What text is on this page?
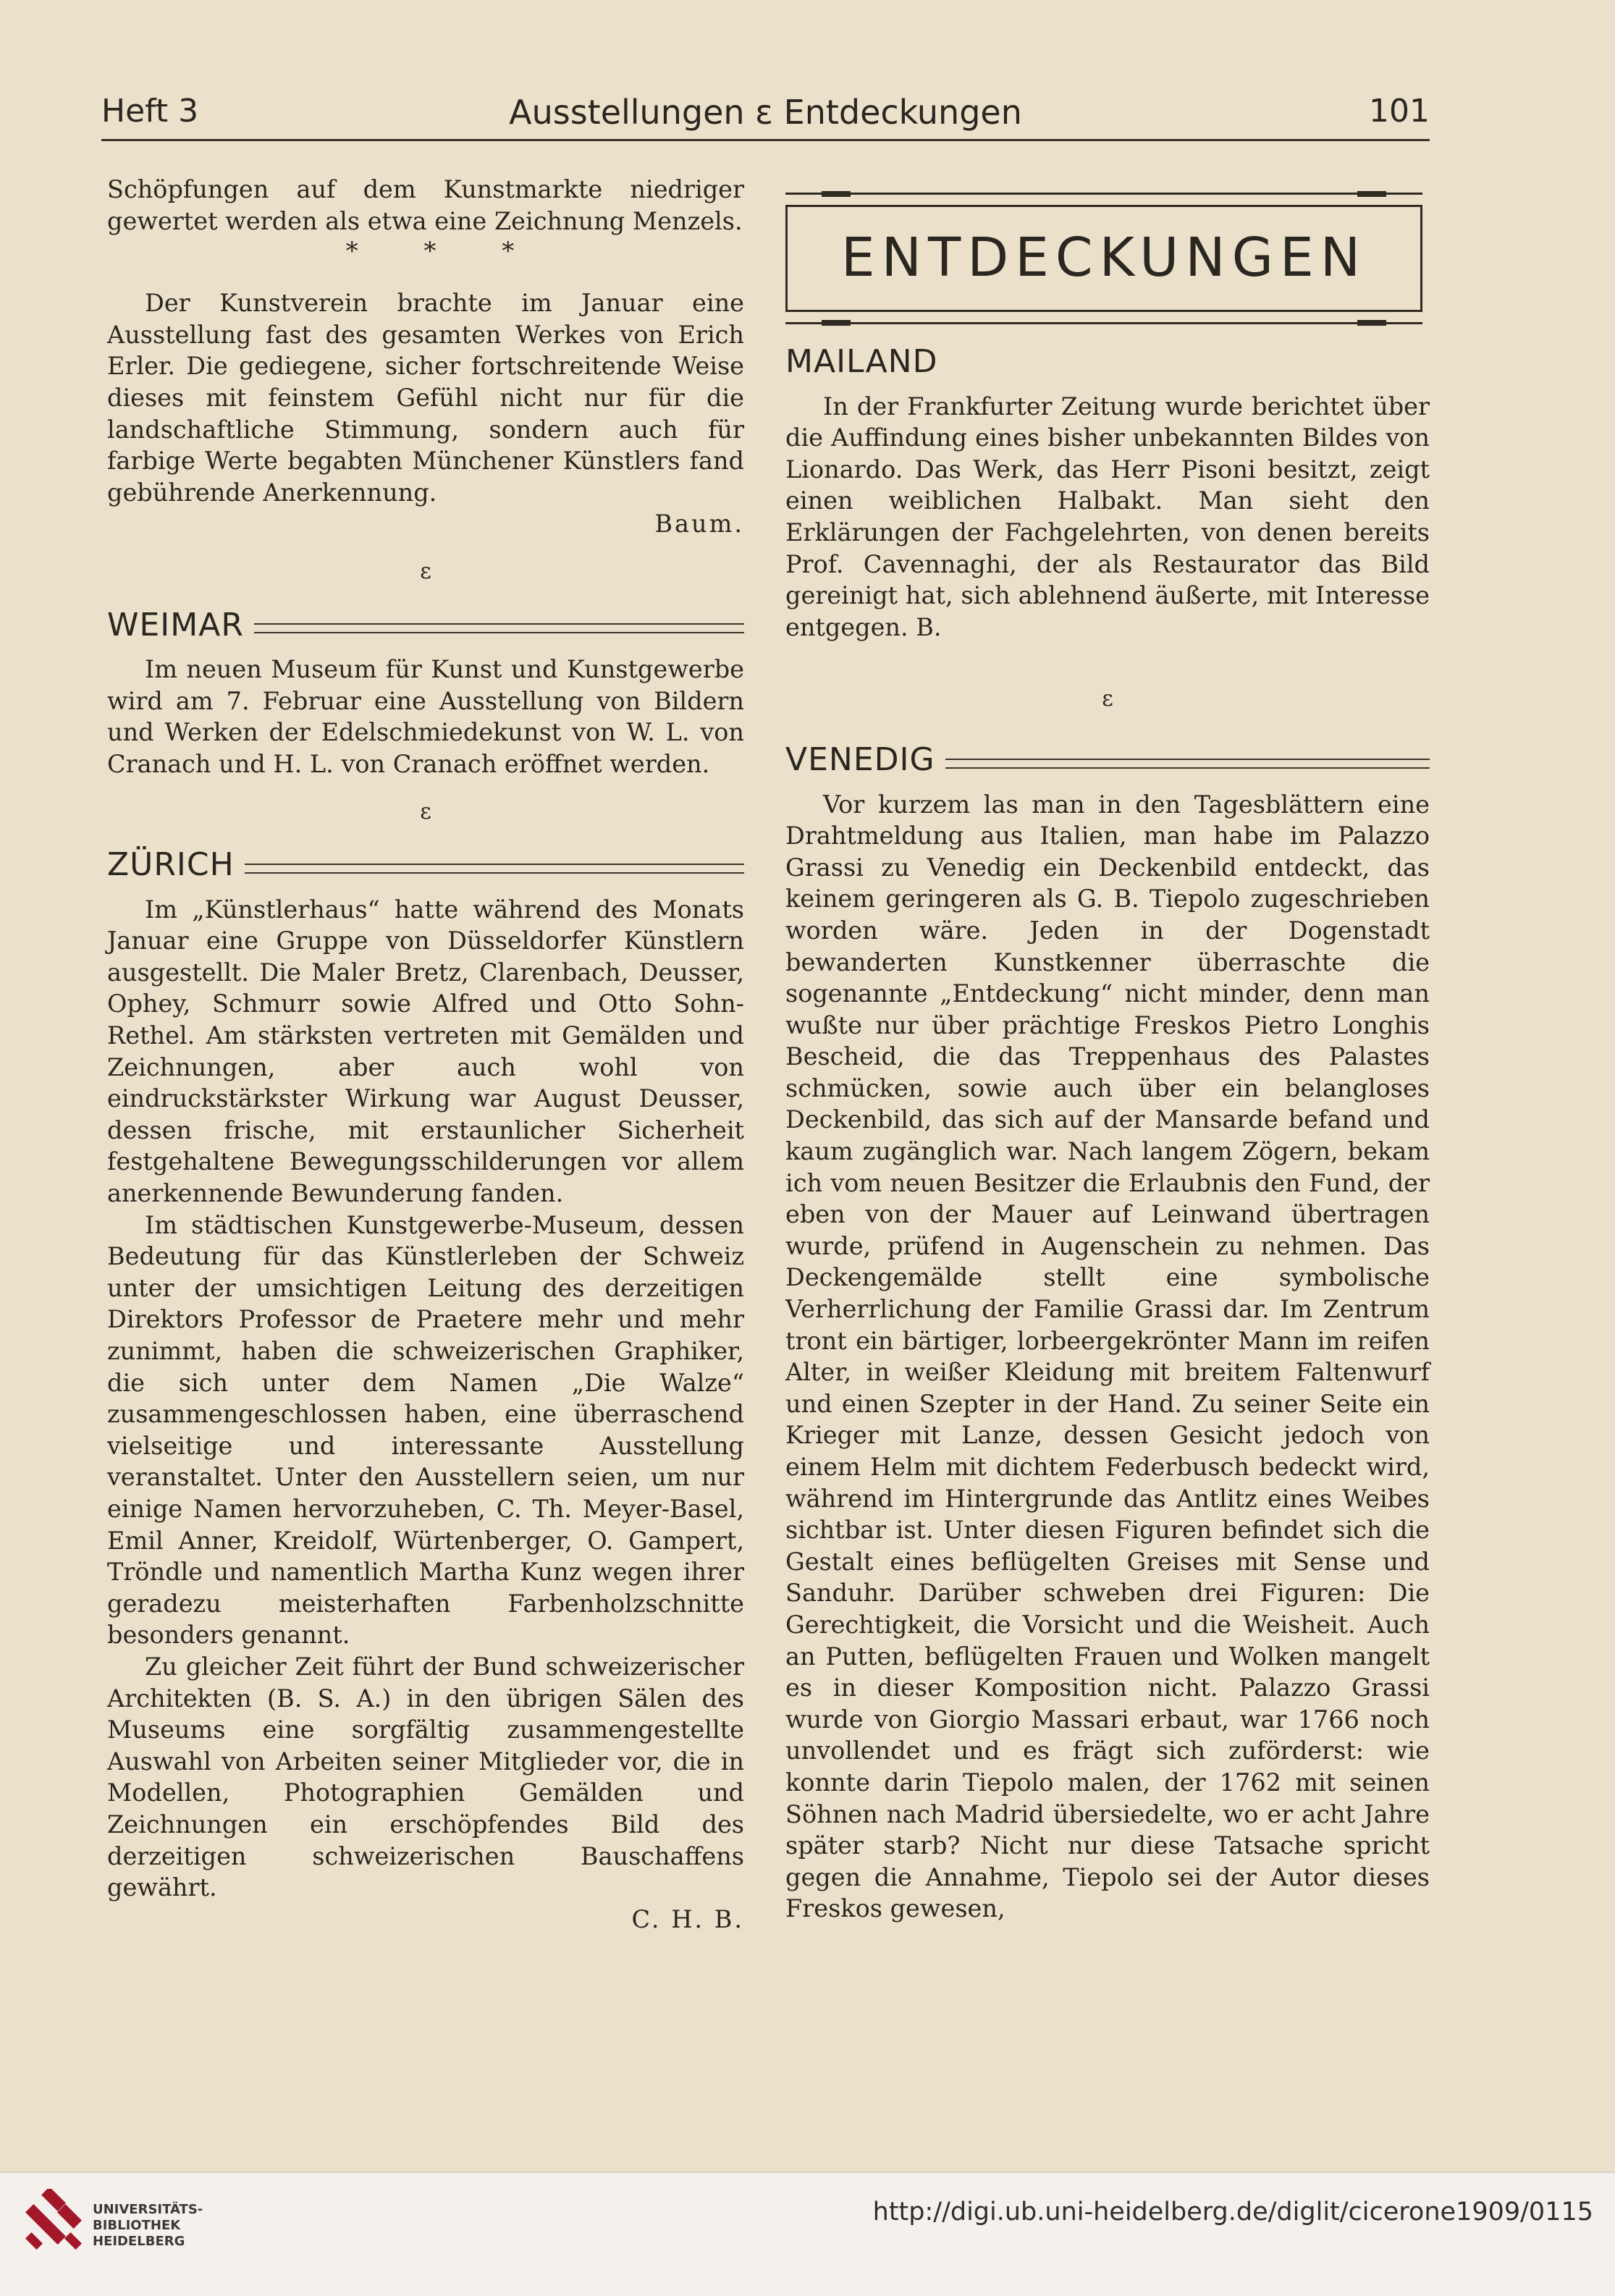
Heft 3	Ausstellungen ε Entdeckungen	101

Schöpfungen auf dem Kunstmarkte niedriger gewertet werden als etwa eine Zeichnung Menzels.

* * *

Der Kunstverein brachte im Januar eine Ausstellung fast des gesamten Werkes von Erich Erler. Die gediegene, sicher fortschreitende Weise dieses mit feinstem Gefühl nicht nur für die landschaftliche Stimmung, sondern auch für farbige Werte begabten Münchener Künstlers fand gebührende Anerkennung.

Baum.

ε
WEIMAR

Im neuen Museum für Kunst und Kunstgewerbe wird am 7. Februar eine Ausstellung von Bildern und Werken der Edelschmiedekunst von W. L. von Cranach und H. L. von Cranach eröffnet werden.

ε
ZÜRICH

Im „Künstlerhaus“ hatte während des Monats Januar eine Gruppe von Düsseldorfer Künstlern ausgestellt. Die Maler Bretz, Clarenbach, Deusser, Ophey, Schmurr sowie Alfred und Otto Sohn-Rethel. Am stärksten vertreten mit Gemälden und Zeichnungen, aber auch wohl von eindruckstärkster Wirkung war August Deusser, dessen frische, mit erstaunlicher Sicherheit festgehaltene Bewegungsschilderungen vor allem anerkennende Bewunderung fanden.

Im städtischen Kunstgewerbe-Museum, dessen Bedeutung für das Künstlerleben der Schweiz unter der umsichtigen Leitung des derzeitigen Direktors Professor de Praetere mehr und mehr zunimmt, haben die schweizerischen Graphiker, die sich unter dem Namen „Die Walze“ zusammengeschlossen haben, eine überraschend vielseitige und interessante Ausstellung veranstaltet. Unter den Ausstellern seien, um nur einige Namen hervorzuheben, C. Th. Meyer-Basel, Emil Anner, Kreidolf, Würtenberger, O. Gampert, Tröndle und namentlich Martha Kunz wegen ihrer geradezu meisterhaften Farbenholzschnitte besonders genannt.

Zu gleicher Zeit führt der Bund schweizerischer Architekten (B. S. A.) in den übrigen Sälen des Museums eine sorgfältig zusammengestellte Auswahl von Arbeiten seiner Mitglieder vor, die in Modellen, Photographien Gemälden und Zeichnungen ein erschöpfendes Bild des derzeitigen schweizerischen Bauschaffens gewährt.

C. H. B.

ENTDECKUNGEN
MAILAND

In der Frankfurter Zeitung wurde berichtet über die Auffindung eines bisher unbekannten Bildes von Lionardo. Das Werk, das Herr Pisoni besitzt, zeigt einen weiblichen Halbakt. Man sieht den Erklärungen der Fachgelehrten, von denen bereits Prof. Cavennaghi, der als Restaurator das Bild gereinigt hat, sich ablehnend äußerte, mit Interesse entgegen. B.

ε
VENEDIG

Vor kurzem las man in den Tagesblättern eine Drahtmeldung aus Italien, man habe im Palazzo Grassi zu Venedig ein Deckenbild entdeckt, das keinem geringeren als G. B. Tiepolo zugeschrieben worden wäre. Jeden in der Dogenstadt bewanderten Kunstkenner überraschte die sogenannte „Entdeckung“ nicht minder, denn man wußte nur über prächtige Freskos Pietro Longhis Bescheid, die das Treppenhaus des Palastes schmücken, sowie auch über ein belangloses Deckenbild, das sich auf der Mansarde befand und kaum zugänglich war. Nach langem Zögern, bekam ich vom neuen Besitzer die Erlaubnis den Fund, der eben von der Mauer auf Leinwand übertragen wurde, prüfend in Augenschein zu nehmen. Das Deckengemälde stellt eine symbolische Verherrlichung der Familie Grassi dar. Im Zentrum tront ein bärtiger, lorbeergekrönter Mann im reifen Alter, in weißer Kleidung mit breitem Faltenwurf und einen Szepter in der Hand. Zu seiner Seite ein Krieger mit Lanze, dessen Gesicht jedoch von einem Helm mit dichtem Federbusch bedeckt wird, während im Hintergrunde das Antlitz eines Weibes sichtbar ist. Unter diesen Figuren befindet sich die Gestalt eines beflügelten Greises mit Sense und Sanduhr. Darüber schweben drei Figuren: Die Gerechtigkeit, die Vorsicht und die Weisheit. Auch an Putten, beflügelten Frauen und Wolken mangelt es in dieser Komposition nicht. Palazzo Grassi wurde von Giorgio Massari erbaut, war 1766 noch unvollendet und es frägt sich zuförderst: wie konnte darin Tiepolo malen, der 1762 mit seinen Söhnen nach Madrid übersiedelte, wo er acht Jahre später starb? Nicht nur diese Tatsache spricht gegen die Annahme, Tiepolo sei der Autor dieses Freskos gewesen,

UNIVERSITÄTS-
BIBLIOTHEK
HEIDELBERG
http://digi.ub.uni-heidelberg.de/diglit/cicerone1909/0115
